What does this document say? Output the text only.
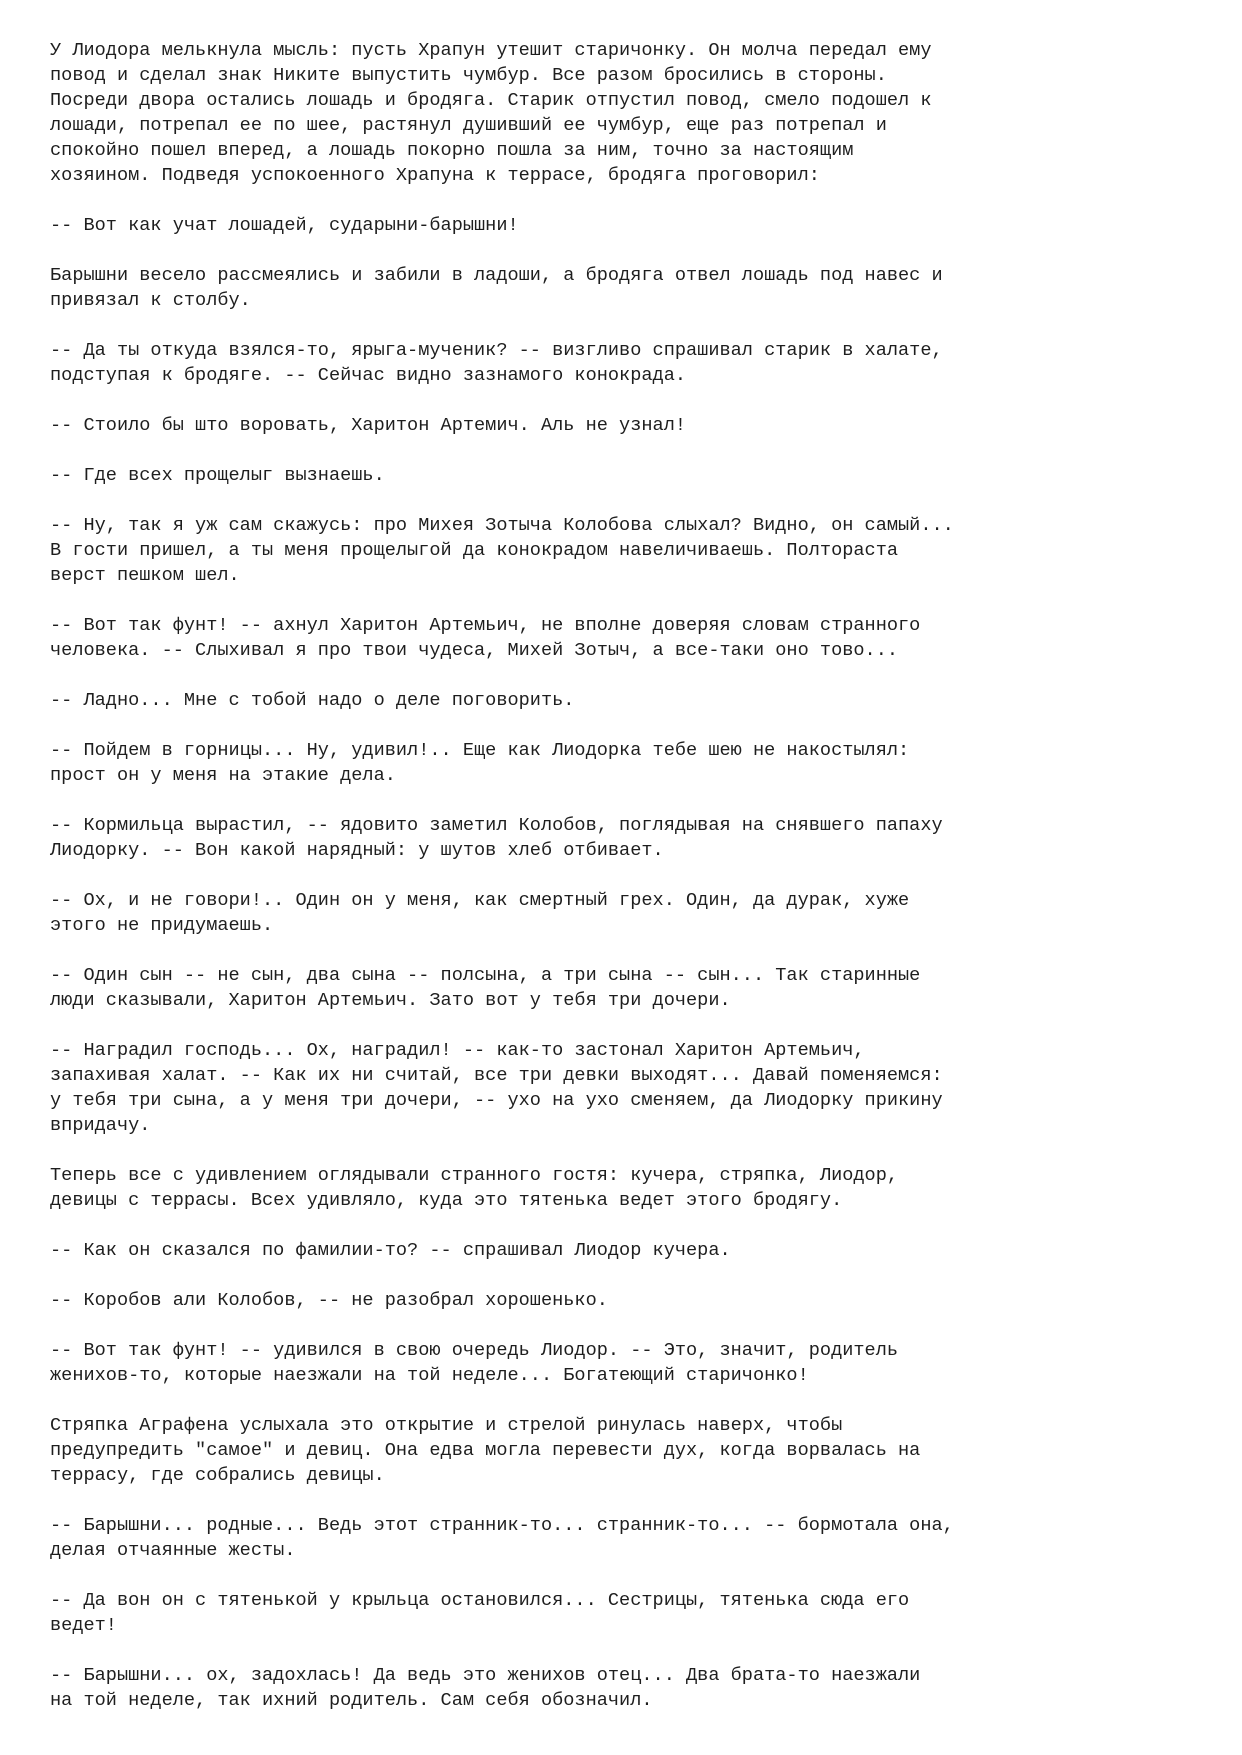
У Лиодора мелькнула мысль: пусть Храпун утешит старичонку. Он молча передал ему
повод и сделал знак Никите выпустить чумбур. Все разом бросились в стороны.
Посреди двора остались лошадь и бродяга. Старик отпустил повод, смело подошел к
лошади, потрепал ее по шее, растянул душивший ее чумбур, еще раз потрепал и
спокойно пошел вперед, а лошадь покорно пошла за ним, точно за настоящим
хозяином. Подведя успокоенного Храпуна к террасе, бродяга проговорил:

-- Вот как учат лошадей, сударыни-барышни!

Барышни весело рассмеялись и забили в ладоши, а бродяга отвел лошадь под навес и
привязал к столбу.

-- Да ты откуда взялся-то, ярыга-мученик? -- визгливо спрашивал старик в халате,
подступая к бродяге. -- Сейчас видно зазнамого конокрада.

-- Стоило бы што воровать, Харитон Артемич. Аль не узнал!

-- Где всех прощелыг вызнаешь.

-- Ну, так я уж сам скажусь: про Михея Зотыча Колобова слыхал? Видно, он самый...
В гости пришел, а ты меня прощелыгой да конокрадом навеличиваешь. Полтораста
верст пешком шел.

-- Вот так фунт! -- ахнул Харитон Артемьич, не вполне доверяя словам странного
человека. -- Слыхивал я про твои чудеса, Михей Зотыч, а все-таки оно тово...

-- Ладно... Мне с тобой надо о деле поговорить.

-- Пойдем в горницы... Ну, удивил!.. Еще как Лиодорка тебе шею не накостылял:
прост он у меня на этакие дела.

-- Кормильца вырастил, -- ядовито заметил Колобов, поглядывая на снявшего папаху
Лиодорку. -- Вон какой нарядный: у шутов хлеб отбивает.

-- Ох, и не говори!.. Один он у меня, как смертный грех. Один, да дурак, хуже
этого не придумаешь.

-- Один сын -- не сын, два сына -- полсына, а три сына -- сын... Так старинные
люди сказывали, Харитон Артемьич. Зато вот у тебя три дочери.

-- Наградил господь... Ох, наградил! -- как-то застонал Харитон Артемьич,
запахивая халат. -- Как их ни считай, все три девки выходят... Давай поменяемся:
у тебя три сына, а у меня три дочери, -- ухо на ухо сменяем, да Лиодорку прикину
впридачу.

Теперь все с удивлением оглядывали странного гостя: кучера, стряпка, Лиодор,
девицы с террасы. Всех удивляло, куда это тятенька ведет этого бродягу.

-- Как он сказался по фамилии-то? -- спрашивал Лиодор кучера.

-- Коробов али Колобов, -- не разобрал хорошенько.

-- Вот так фунт! -- удивился в свою очередь Лиодор. -- Это, значит, родитель
женихов-то, которые наезжали на той неделе... Богатеющий старичонко!

Стряпка Аграфена услыхала это открытие и стрелой ринулась наверх, чтобы
предупредить "самое" и девиц. Она едва могла перевести дух, когда ворвалась на
террасу, где собрались девицы.

-- Барышни... родные... Ведь этот странник-то... странник-то... -- бормотала она,
делая отчаянные жесты.

-- Да вон он с тятенькой у крыльца остановился... Сестрицы, тятенька сюда его
ведет!

-- Барышни... ох, задохлась! Да ведь это женихов отец... Два брата-то наезжали
на той неделе, так ихний родитель. Сам себя обозначил.
